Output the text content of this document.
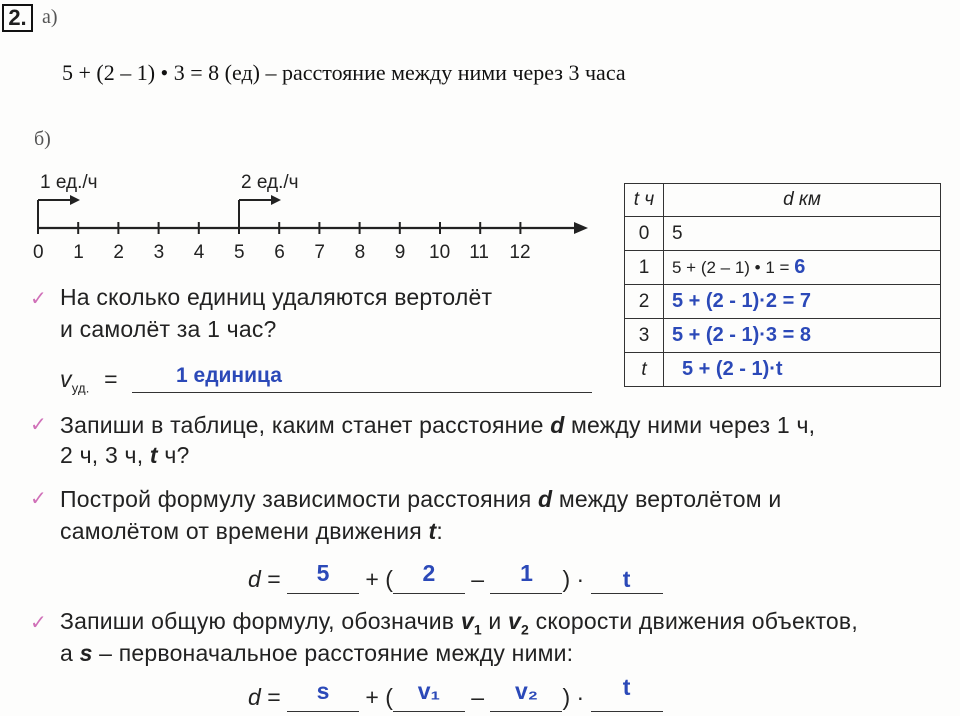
2. а)
5 + (2 – 1) • 3 = 8 (ед) – расстояние между ними через 3 часа
б)
1 ед./ч	2 ед./ч
0 1 2 3 4 5 6 7 8 9 10 11 12
t ч	d км
0	5
1	5 + (2 – 1) • 1 = 6
2	5 + (2 - 1)·2 = 7
3	5 + (2 - 1)·3 = 8
t	5 + (2 - 1)·t
✓ На сколько единиц удаляются вертолёт
и самолёт за 1 час?
$v_{уд.}$ =	1 единица
✓ Запиши в таблице, каким станет расстояние d между ними через 1 ч,
2 ч, 3 ч, t ч?
✓ Построй формулу зависимости расстояния d между вертолётом и
самолётом от времени движения t:
d = 5 + ( 2 – 1 ) · t
✓ Запиши общую формулу, обозначив $v_1$ и $v_2$ скорости движения объектов,
а s – первоначальное расстояние между ними:
d = s + ( v₁ – v₂ ) · t
